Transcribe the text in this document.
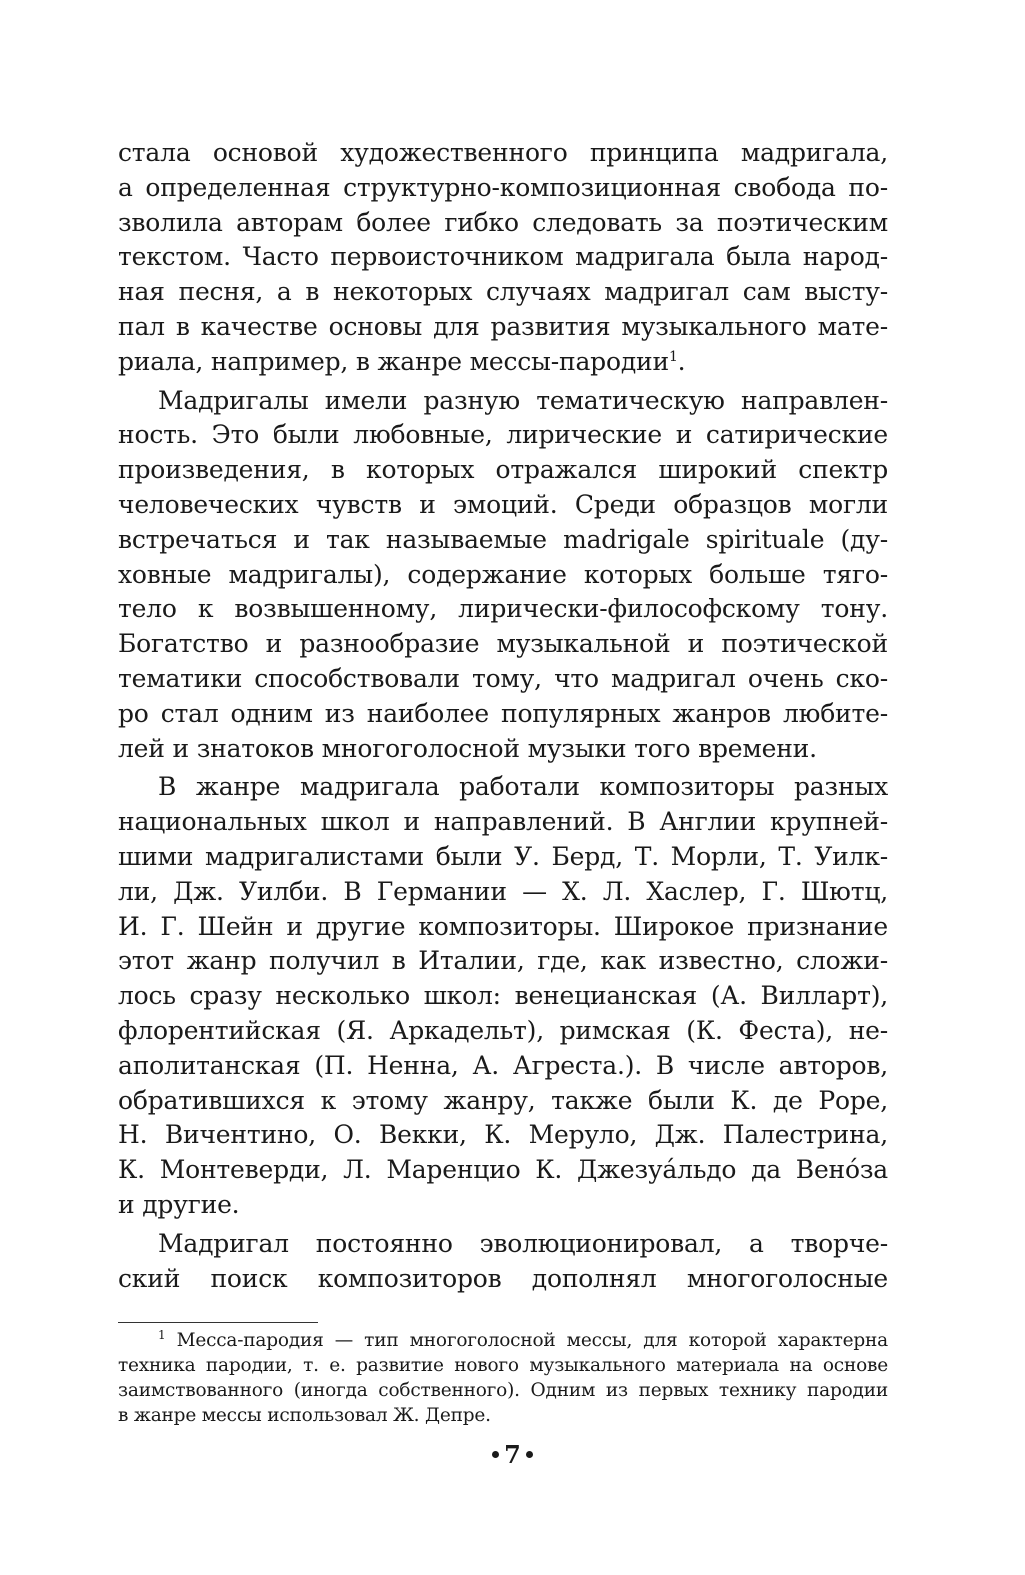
стала основой художественного принципа мадригала,
а определенная структурно-композиционная свобода по-
зволила авторам более гибко следовать за поэтическим
текстом. Часто первоисточником мадригала была народ-
ная песня, а в некоторых случаях мадригал сам высту-
пал в качестве основы для развития музыкального мате-
риала, например, в жанре мессы-пародии$^1$.
Мадригалы имели разную тематическую направлен-
ность. Это были любовные, лирические и сатирические
произведения, в которых отражался широкий спектр
человеческих чувств и эмоций. Среди образцов могли
встречаться и так называемые madrigale spirituale (ду-
ховные мадригалы), содержание которых больше тяго-
тело к возвышенному, лирически-философскому тону.
Богатство и разнообразие музыкальной и поэтической
тематики способствовали тому, что мадригал очень ско-
ро стал одним из наиболее популярных жанров любите-
лей и знатоков многоголосной музыки того времени.
В жанре мадригала работали композиторы разных
национальных школ и направлений. В Англии крупней-
шими мадригалистами были У. Берд, Т. Морли, Т. Уилк-
ли, Дж. Уилби. В Германии — Х. Л. Хаслер, Г. Шютц,
И. Г. Шейн и другие композиторы. Широкое признание
этот жанр получил в Италии, где, как известно, сложи-
лось сразу несколько школ: венецианская (А. Вилларт),
флорентийская (Я. Аркадельт), римская (К. Феста), не-
аполитанская (П. Ненна, А. Агреста.). В числе авторов,
обратившихся к этому жанру, также были К. де Роре,
Н. Вичентино, О. Векки, К. Меруло, Дж. Палестрина,
К. Монтеверди, Л. Маренцио К. Джезуáльдо да Венóза
и другие.
Мадригал постоянно эволюционировал, а творче-
ский поиск композиторов дополнял многоголосные
$^1$ Месса-пародия — тип многоголосной мессы, для которой характерна
техника пародии, т. е. развитие нового музыкального материала на основе
заимствованного (иногда собственного). Одним из первых технику пародии
в жанре мессы использовал Ж. Депре.
7
